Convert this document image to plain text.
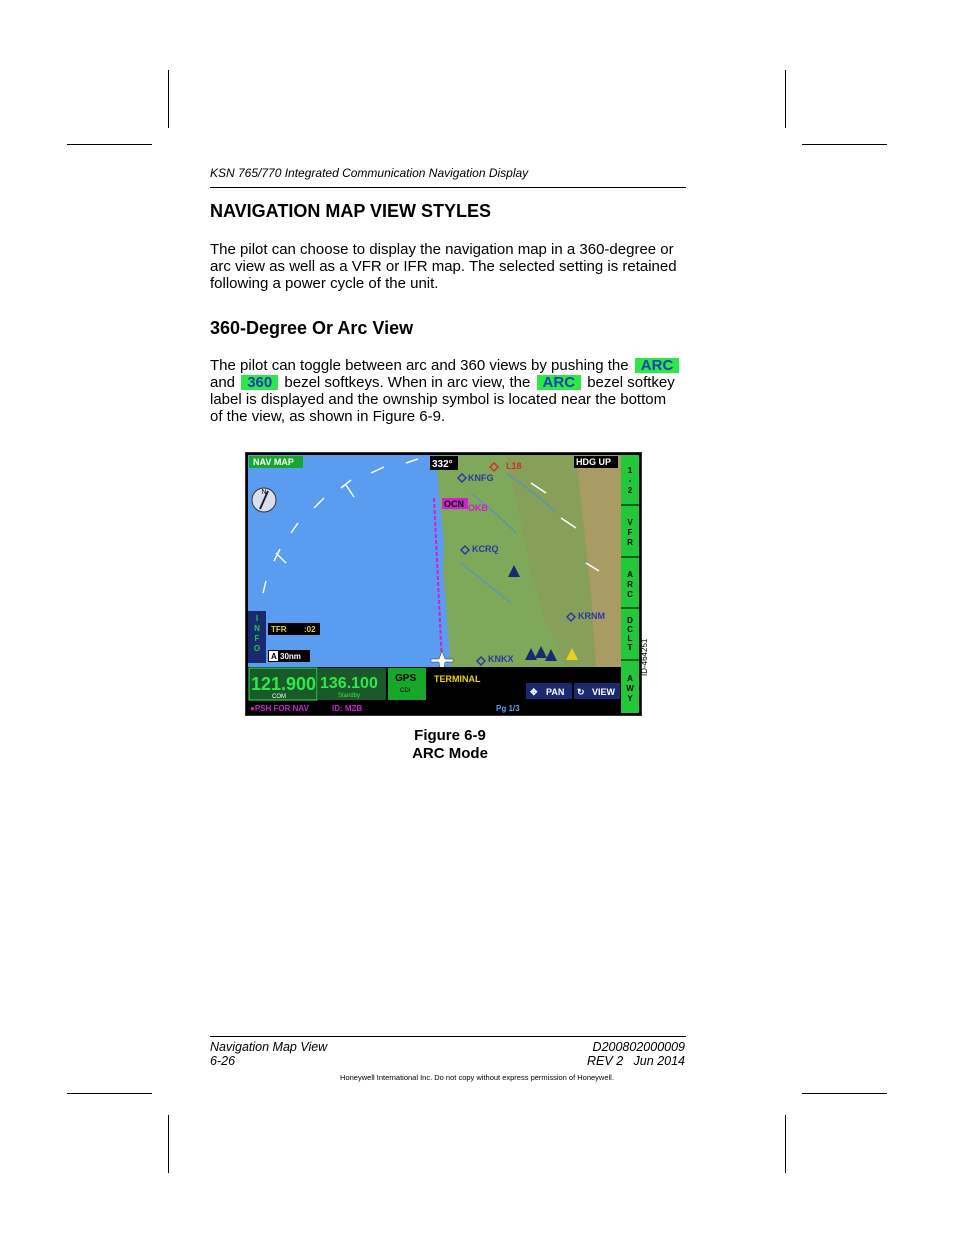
KSN 765/770 Integrated Communication Navigation Display
NAVIGATION MAP VIEW STYLES
The pilot can choose to display the navigation map in a 360-degree or
arc view as well as a VFR or IFR map. The selected setting is retained
following a power cycle of the unit.
360-Degree Or Arc View
The pilot can toggle between arc and 360 views by pushing the ARC
and 360 bezel softkeys. When in arc view, the ARC bezel softkey
label is displayed and the ownship symbol is located near the bottom
of the view, as shown in Figure 6-9.
N
NAV MAP	332°	HDG UP
L18
KNFG
OCN OKB
KCRQ
KRNM
KNKX
1
-
2
V
F
R
A
R
C
D
C
L
T
A
W
Y
I
N
F
O
TFR :02
A 30nm
121.900
COM
136.100
Standby
GPS
CDI
TERMINAL
✥ PAN ↻ VIEW
●PSH FOR NAV	ID: MZB	Pg 1/3
ID-464251
Figure 6-9
ARC Mode
Navigation Map View
6-26
D200802000009
REV 2   Jun 2014
Honeywell International Inc. Do not copy without express permission of Honeywell.
